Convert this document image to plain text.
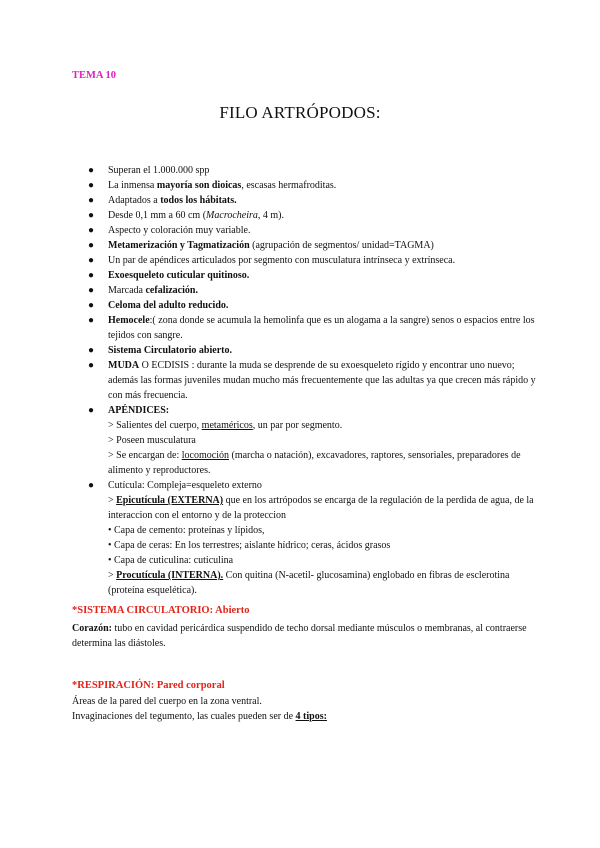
TEMA 10
FILO ARTRÓPODOS:
●	Superan el 1.000.000 spp
●	La inmensa mayoría son dioicas, escasas hermafroditas.
●	Adaptados a todos los hábitats.
●	Desde 0,1 mm a 60 cm (Macrocheira, 4 m).
●	Aspecto y coloración muy variable.
●	Metamerización y Tagmatización (agrupación de segmentos/ unidad=TAGMA)
●	Un par de apéndices articulados por segmento con musculatura intrínseca y extrínseca.
●	Exoesqueleto cuticular quitinoso.
●	Marcada cefalización.
●	Celoma del adulto reducido.
●	Hemocele:( zona donde se acumula la hemolinfa que es un alogama a la sangre) senos o espacios entre los tejidos con sangre.
●	Sistema Circulatorio abierto.
●	MUDA O ECDISIS : durante la muda se desprende de su exoesqueleto rígido y encontrar uno nuevo; además las formas juveniles mudan mucho más frecuentemente que las adultas ya que crecen más rápido y con más frecuencia.
●	APÉNDICES:
> Salientes del cuerpo, metaméricos, un par por segmento.
> Poseen musculatura
> Se encargan de: locomoción (marcha o natación), excavadores, raptores, sensoriales, preparadores de alimento y reproductores.
●	Cutícula: Compleja=esqueleto externo
> Epicutícula (EXTERNA) que en los artrópodos se encarga de la regulación de la perdida de agua, de la interaccion con el entorno y de la proteccion
• Capa de cemento: proteínas y lípidos,
• Capa de ceras: En los terrestres; aislante hídrico; ceras, ácidos grasos
• Capa de cuticulina: cuticulina
> Procutícula (INTERNA). Con quitina (N-acetil- glucosamina) englobado en fibras de esclerotina (proteína esquelética).
*SISTEMA CIRCULATORIO: Abierto
Corazón: tubo en cavidad pericárdica suspendido de techo dorsal mediante músculos o membranas, al contraerse determina las diástoles.
*RESPIRACIÓN: Pared corporal
Áreas de la pared del cuerpo en la zona ventral.
Invaginaciones del tegumento, las cuales pueden ser de 4 tipos:
